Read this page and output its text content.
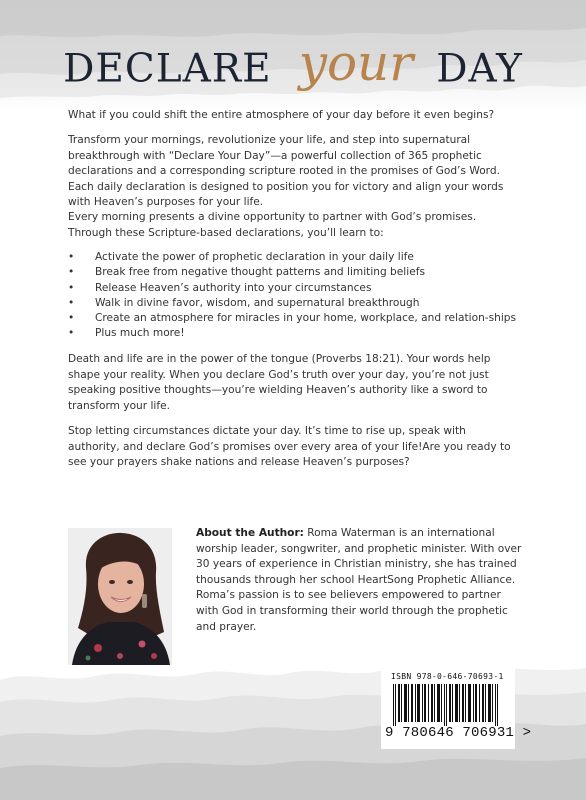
DECLARE your DAY

What if you could shift the entire atmosphere of your day before it even begins?

Transform your mornings, revolutionize your life, and step into supernatural breakthrough with “Declare Your Day”—a powerful collection of 365 prophetic declarations and a corresponding scripture rooted in the promises of God’s Word. Each daily declaration is designed to position you for victory and align your words with Heaven’s purposes for your life.

Every morning presents a divine opportunity to partner with God’s promises. Through these Scripture-based declarations, you’ll learn to:

• Activate the power of prophetic declaration in your daily life
• Break free from negative thought patterns and limiting beliefs
• Release Heaven’s authority into your circumstances
• Walk in divine favor, wisdom, and supernatural breakthrough
• Create an atmosphere for miracles in your home, workplace, and relation-ships
• Plus much more!

Death and life are in the power of the tongue (Proverbs 18:21). Your words help shape your reality. When you declare God’s truth over your day, you’re not just speaking positive thoughts—you’re wielding Heaven’s authority like a sword to transform your life.

Stop letting circumstances dictate your day. It’s time to rise up, speak with authority, and declare God’s promises over every area of your life!Are you ready to see your prayers shake nations and release Heaven’s purposes?

About the Author: Roma Waterman is an international worship leader, songwriter, and prophetic minister. With over 30 years of experience in Christian ministry, she has trained thousands through her school HeartSong Prophetic Alliance. Roma’s passion is to see believers empowered to partner with God in transforming their world through the prophetic and prayer.
ISBN 978-0-646-70693-1
9 780646 706931 >
